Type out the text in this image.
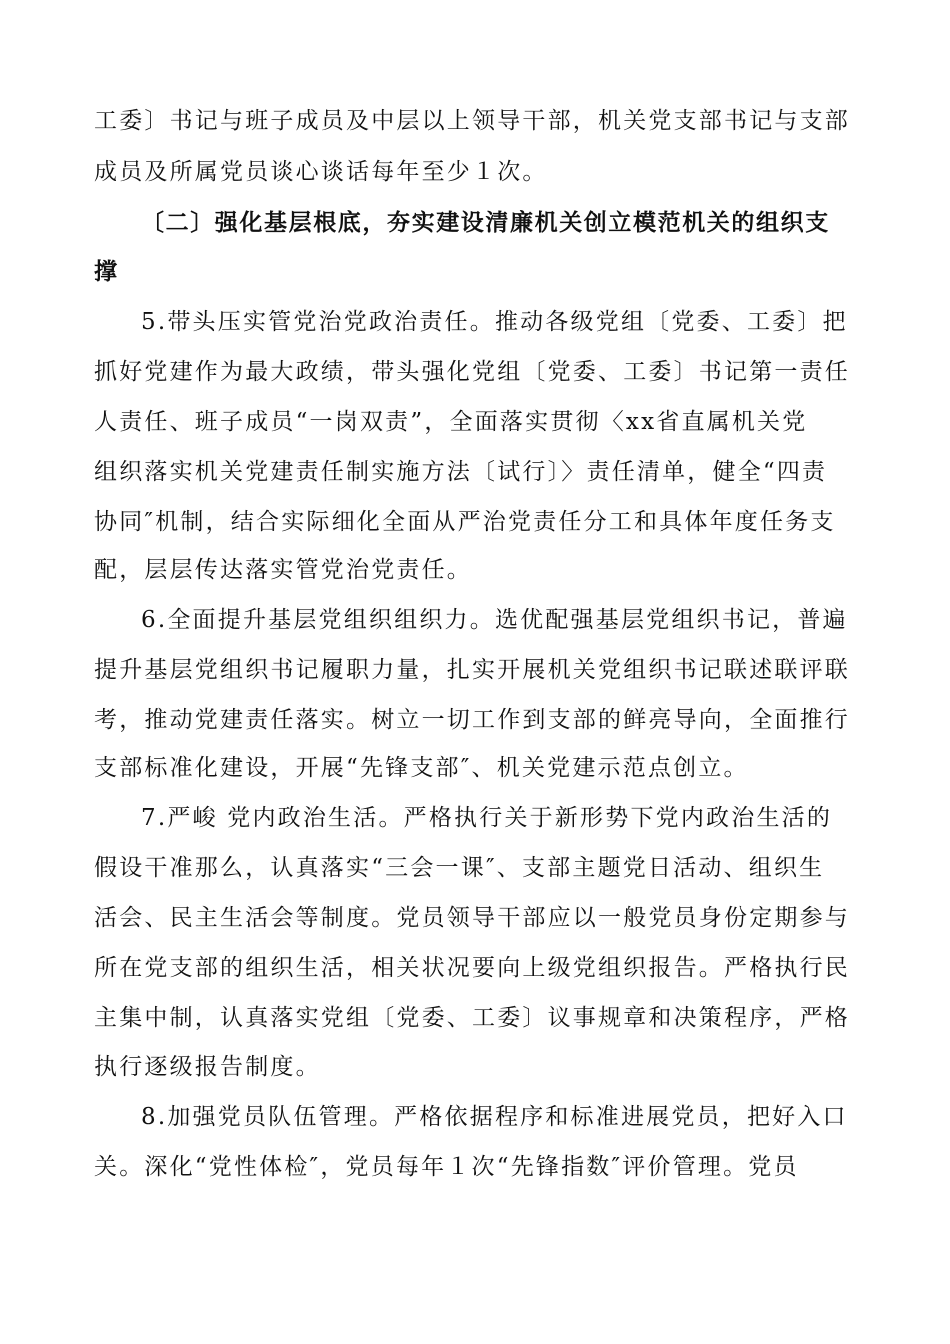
工委〕书记与班子成员及中层以上领导干部，机关党支部书记与支部
成员及所属党员谈心谈话每年至少１次。
〔二〕强化基层根底，夯实建设清廉机关创立模范机关的组织支
撑
5.带头压实管党治党政治责任。推动各级党组〔党委、工委〕把
抓好党建作为最大政绩，带头强化党组〔党委、工委〕书记第一责任
人责任、班子成员“一岗双责”，全面落实贯彻〈xx省直属机关党
组织落实机关党建责任制实施方法〔试行〕〉责任清单，健全“四责
协同″机制，结合实际细化全面从严治党责任分工和具体年度任务支
配，层层传达落实管党治党责任。
6.全面提升基层党组织组织力。选优配强基层党组织书记，普遍
提升基层党组织书记履职力量，扎实开展机关党组织书记联述联评联
考，推动党建责任落实。树立一切工作到支部的鲜亮导向，全面推行
支部标准化建设，开展“先锋支部″、机关党建示范点创立。
7.严峻 党内政治生活。严格执行关于新形势下党内政治生活的
假设干准那么，认真落实“三会一课″、支部主题党日活动、组织生
活会、民主生活会等制度。党员领导干部应以一般党员身份定期参与
所在党支部的组织生活，相关状况要向上级党组织报告。严格执行民
主集中制，认真落实党组〔党委、工委〕议事规章和决策程序，严格
执行逐级报告制度。
8.加强党员队伍管理。严格依据程序和标准进展党员，把好入口
关。深化“党性体检″，党员每年１次“先锋指数″评价管理。党员
